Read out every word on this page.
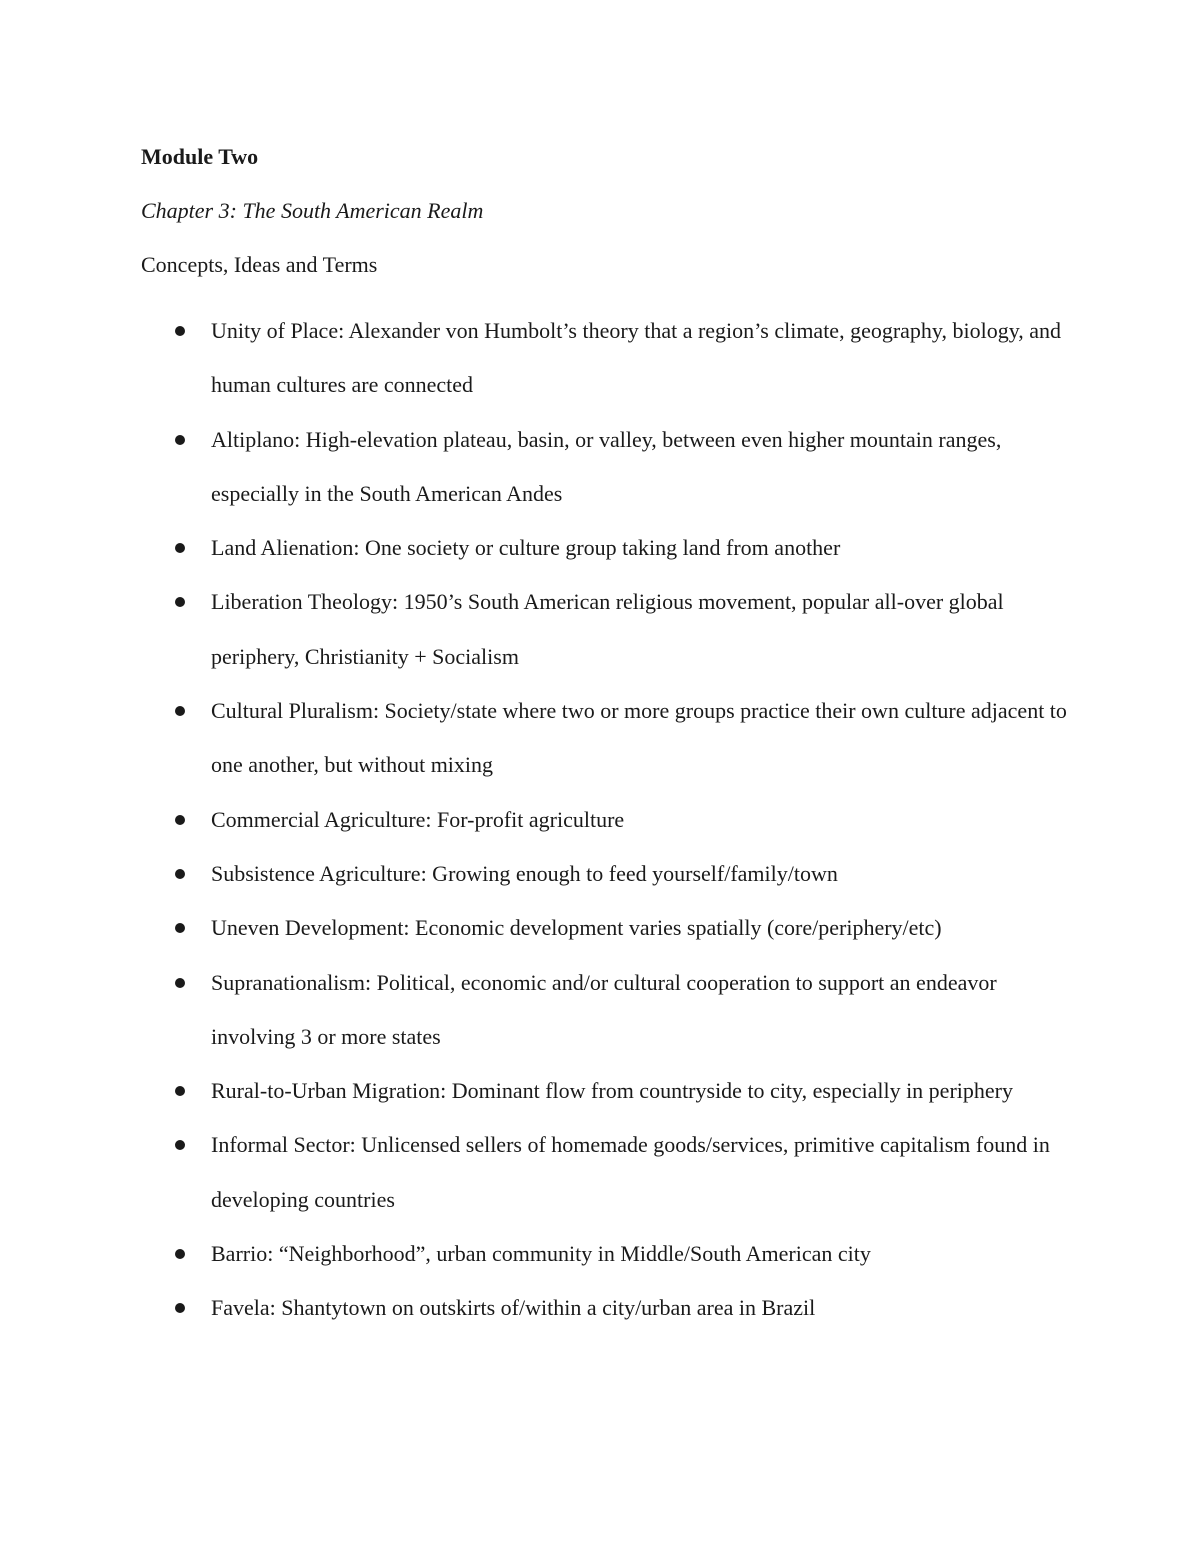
Module Two

Chapter 3: The South American Realm

Concepts, Ideas and Terms

Unity of Place: Alexander von Humbolt’s theory that a region’s climate, geography, biology, and human cultures are connected
Altiplano: High-elevation plateau, basin, or valley, between even higher mountain ranges, especially in the South American Andes
Land Alienation: One society or culture group taking land from another
Liberation Theology: 1950’s South American religious movement, popular all-over global periphery, Christianity + Socialism
Cultural Pluralism: Society/state where two or more groups practice their own culture adjacent to one another, but without mixing
Commercial Agriculture: For-profit agriculture
Subsistence Agriculture: Growing enough to feed yourself/family/town
Uneven Development: Economic development varies spatially (core/periphery/etc)
Supranationalism: Political, economic and/or cultural cooperation to support an endeavor involving 3 or more states
Rural-to-Urban Migration: Dominant flow from countryside to city, especially in periphery
Informal Sector: Unlicensed sellers of homemade goods/services, primitive capitalism found in developing countries
Barrio: “Neighborhood”, urban community in Middle/South American city
Favela: Shantytown on outskirts of/within a city/urban area in Brazil
